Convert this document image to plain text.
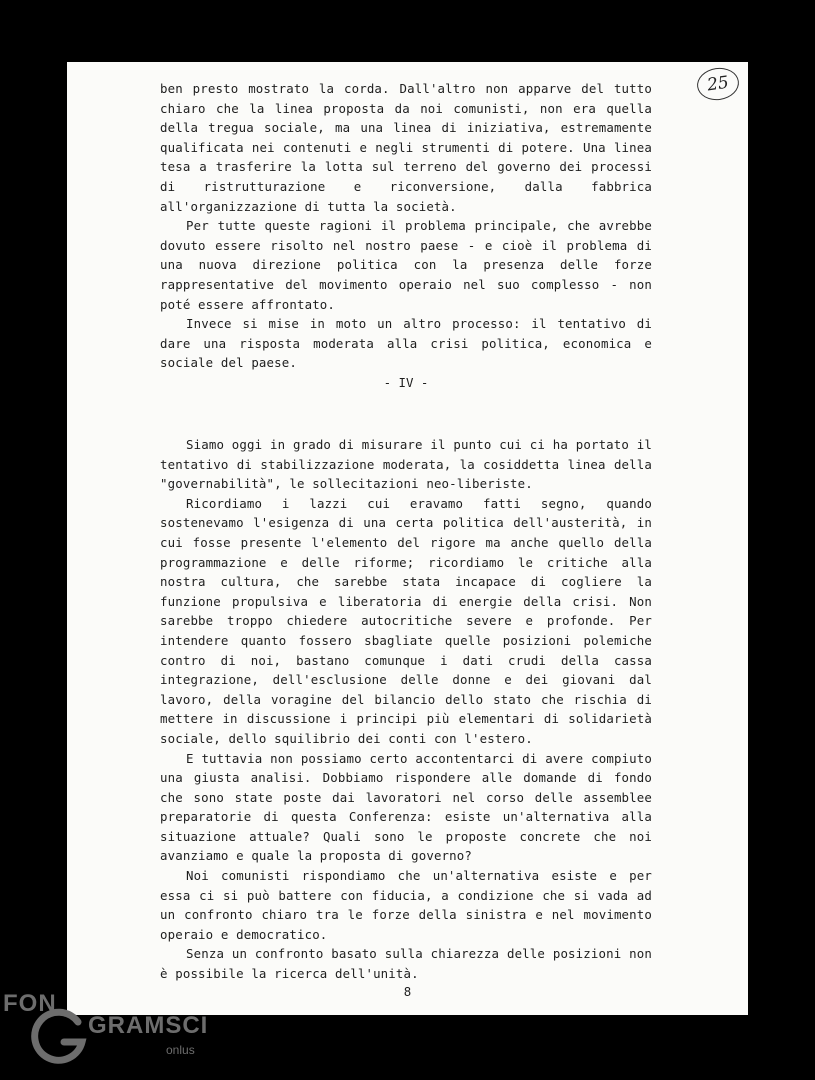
25

ben presto mostrato la corda. Dall'altro non apparve del tutto chiaro che la linea proposta da noi comunisti, non era quella della tregua sociale, ma una linea di iniziativa, estremamente qualificata nei contenuti e negli strumenti di potere. Una linea tesa a trasferire la lotta sul terreno del governo dei processi di ristrutturazione e riconversione, dalla fabbrica all'organizzazione di tutta la società.

Per tutte queste ragioni il problema principale, che avrebbe dovuto essere risolto nel nostro paese - e cioè il problema di una nuova direzione politica con la presenza delle forze rappresentative del movimento operaio nel suo complesso - non poté essere affrontato.

Invece si mise in moto un altro processo: il tentativo di dare una risposta moderata alla crisi politica, economica e sociale del paese.

- IV -

Siamo oggi in grado di misurare il punto cui ci ha portato il tentativo di stabilizzazione moderata, la cosiddetta linea della "governabilità", le sollecitazioni neo-liberiste.

Ricordiamo i lazzi cui eravamo fatti segno, quando sostenevamo l'esigenza di una certa politica dell'austerità, in cui fosse presente l'elemento del rigore ma anche quello della programmazione e delle riforme; ricordiamo le critiche alla nostra cultura, che sarebbe stata incapace di cogliere la funzione propulsiva e liberatoria di energie della crisi. Non sarebbe troppo chiedere autocritiche severe e profonde. Per intendere quanto fossero sbagliate quelle posizioni polemiche contro di noi, bastano comunque i dati crudi della cassa integrazione, dell'esclusione delle donne e dei giovani dal lavoro, della voragine del bilancio dello stato che rischia di mettere in discussione i principi più elementari di solidarietà sociale, dello squilibrio dei conti con l'estero.

E tuttavia non possiamo certo accontentarci di avere compiuto una giusta analisi. Dobbiamo rispondere alle domande di fondo che sono state poste dai lavoratori nel corso delle assemblee preparatorie di questa Conferenza: esiste un'alternativa alla situazione attuale? Quali sono le proposte concrete che noi avanziamo e quale la proposta di governo?

Noi comunisti rispondiamo che un'alternativa esiste e per essa ci si può battere con fiducia, a condizione che si vada ad un confronto chiaro tra le forze della sinistra e nel movimento operaio e democratico.

Senza un confronto basato sulla chiarezza delle posizioni non è possibile la ricerca dell'unità.

8
FON
GRAMSCI
onlus
